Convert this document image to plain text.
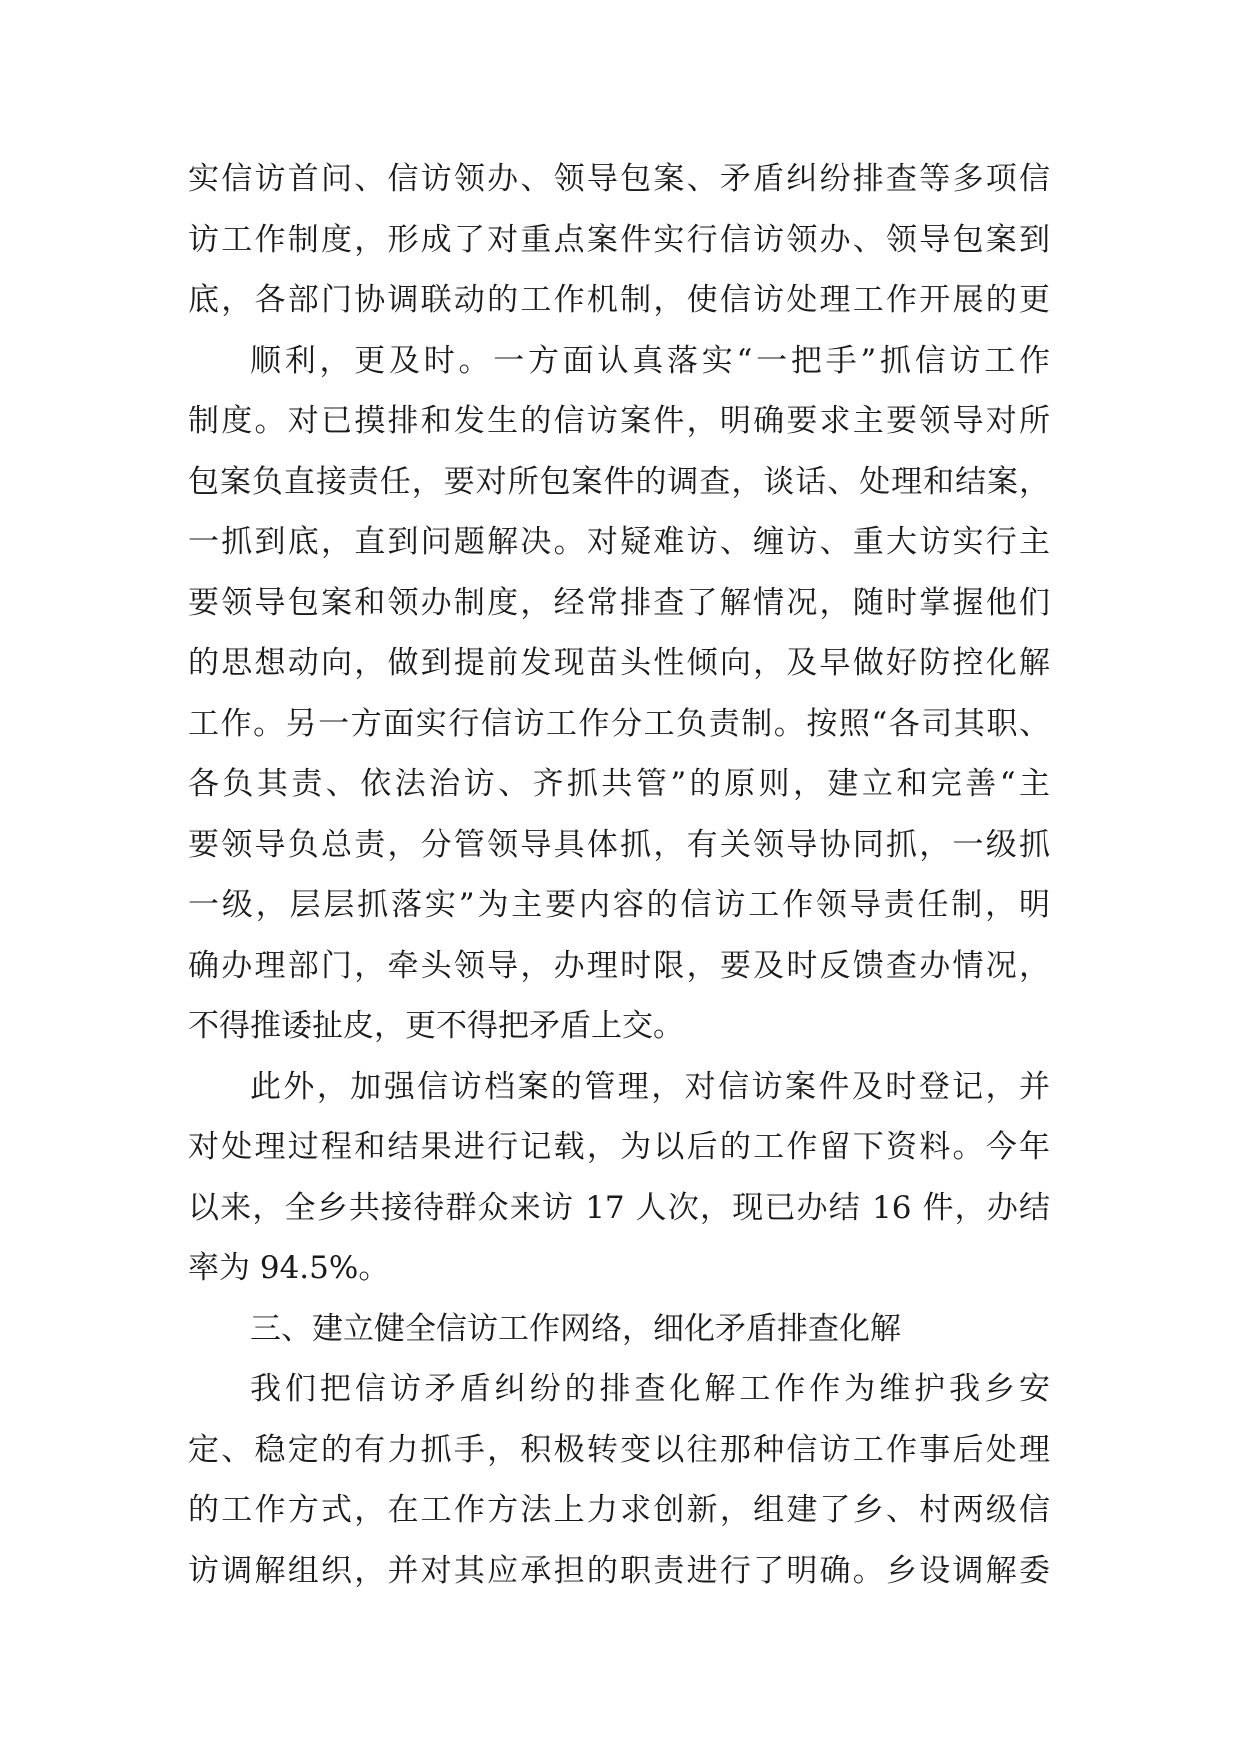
实信访首问、信访领办、领导包案、矛盾纠纷排查等多项信
访工作制度，形成了对重点案件实行信访领办、领导包案到
底，各部门协调联动的工作机制，使信访处理工作开展的更
顺利，更及时。一方面认真落实“一把手”抓信访工作
制度。对已摸排和发生的信访案件，明确要求主要领导对所
包案负直接责任，要对所包案件的调查，谈话、处理和结案，
一抓到底，直到问题解决。对疑难访、缠访、重大访实行主
要领导包案和领办制度，经常排查了解情况，随时掌握他们
的思想动向，做到提前发现苗头性倾向，及早做好防控化解
工作。另一方面实行信访工作分工负责制。按照“各司其职、
各负其责、依法治访、齐抓共管”的原则，建立和完善“主
要领导负总责，分管领导具体抓，有关领导协同抓，一级抓
一级，层层抓落实”为主要内容的信访工作领导责任制，明
确办理部门，牵头领导，办理时限，要及时反馈查办情况，
不得推诿扯皮，更不得把矛盾上交。
此外，加强信访档案的管理，对信访案件及时登记，并
对处理过程和结果进行记载，为以后的工作留下资料。今年
以来，全乡共接待群众来访 17 人次，现已办结 16 件，办结
率为 94.5%。
三、建立健全信访工作网络，细化矛盾排查化解
我们把信访矛盾纠纷的排查化解工作作为维护我乡安
定、稳定的有力抓手，积极转变以往那种信访工作事后处理
的工作方式，在工作方法上力求创新，组建了乡、村两级信
访调解组织，并对其应承担的职责进行了明确。乡设调解委
